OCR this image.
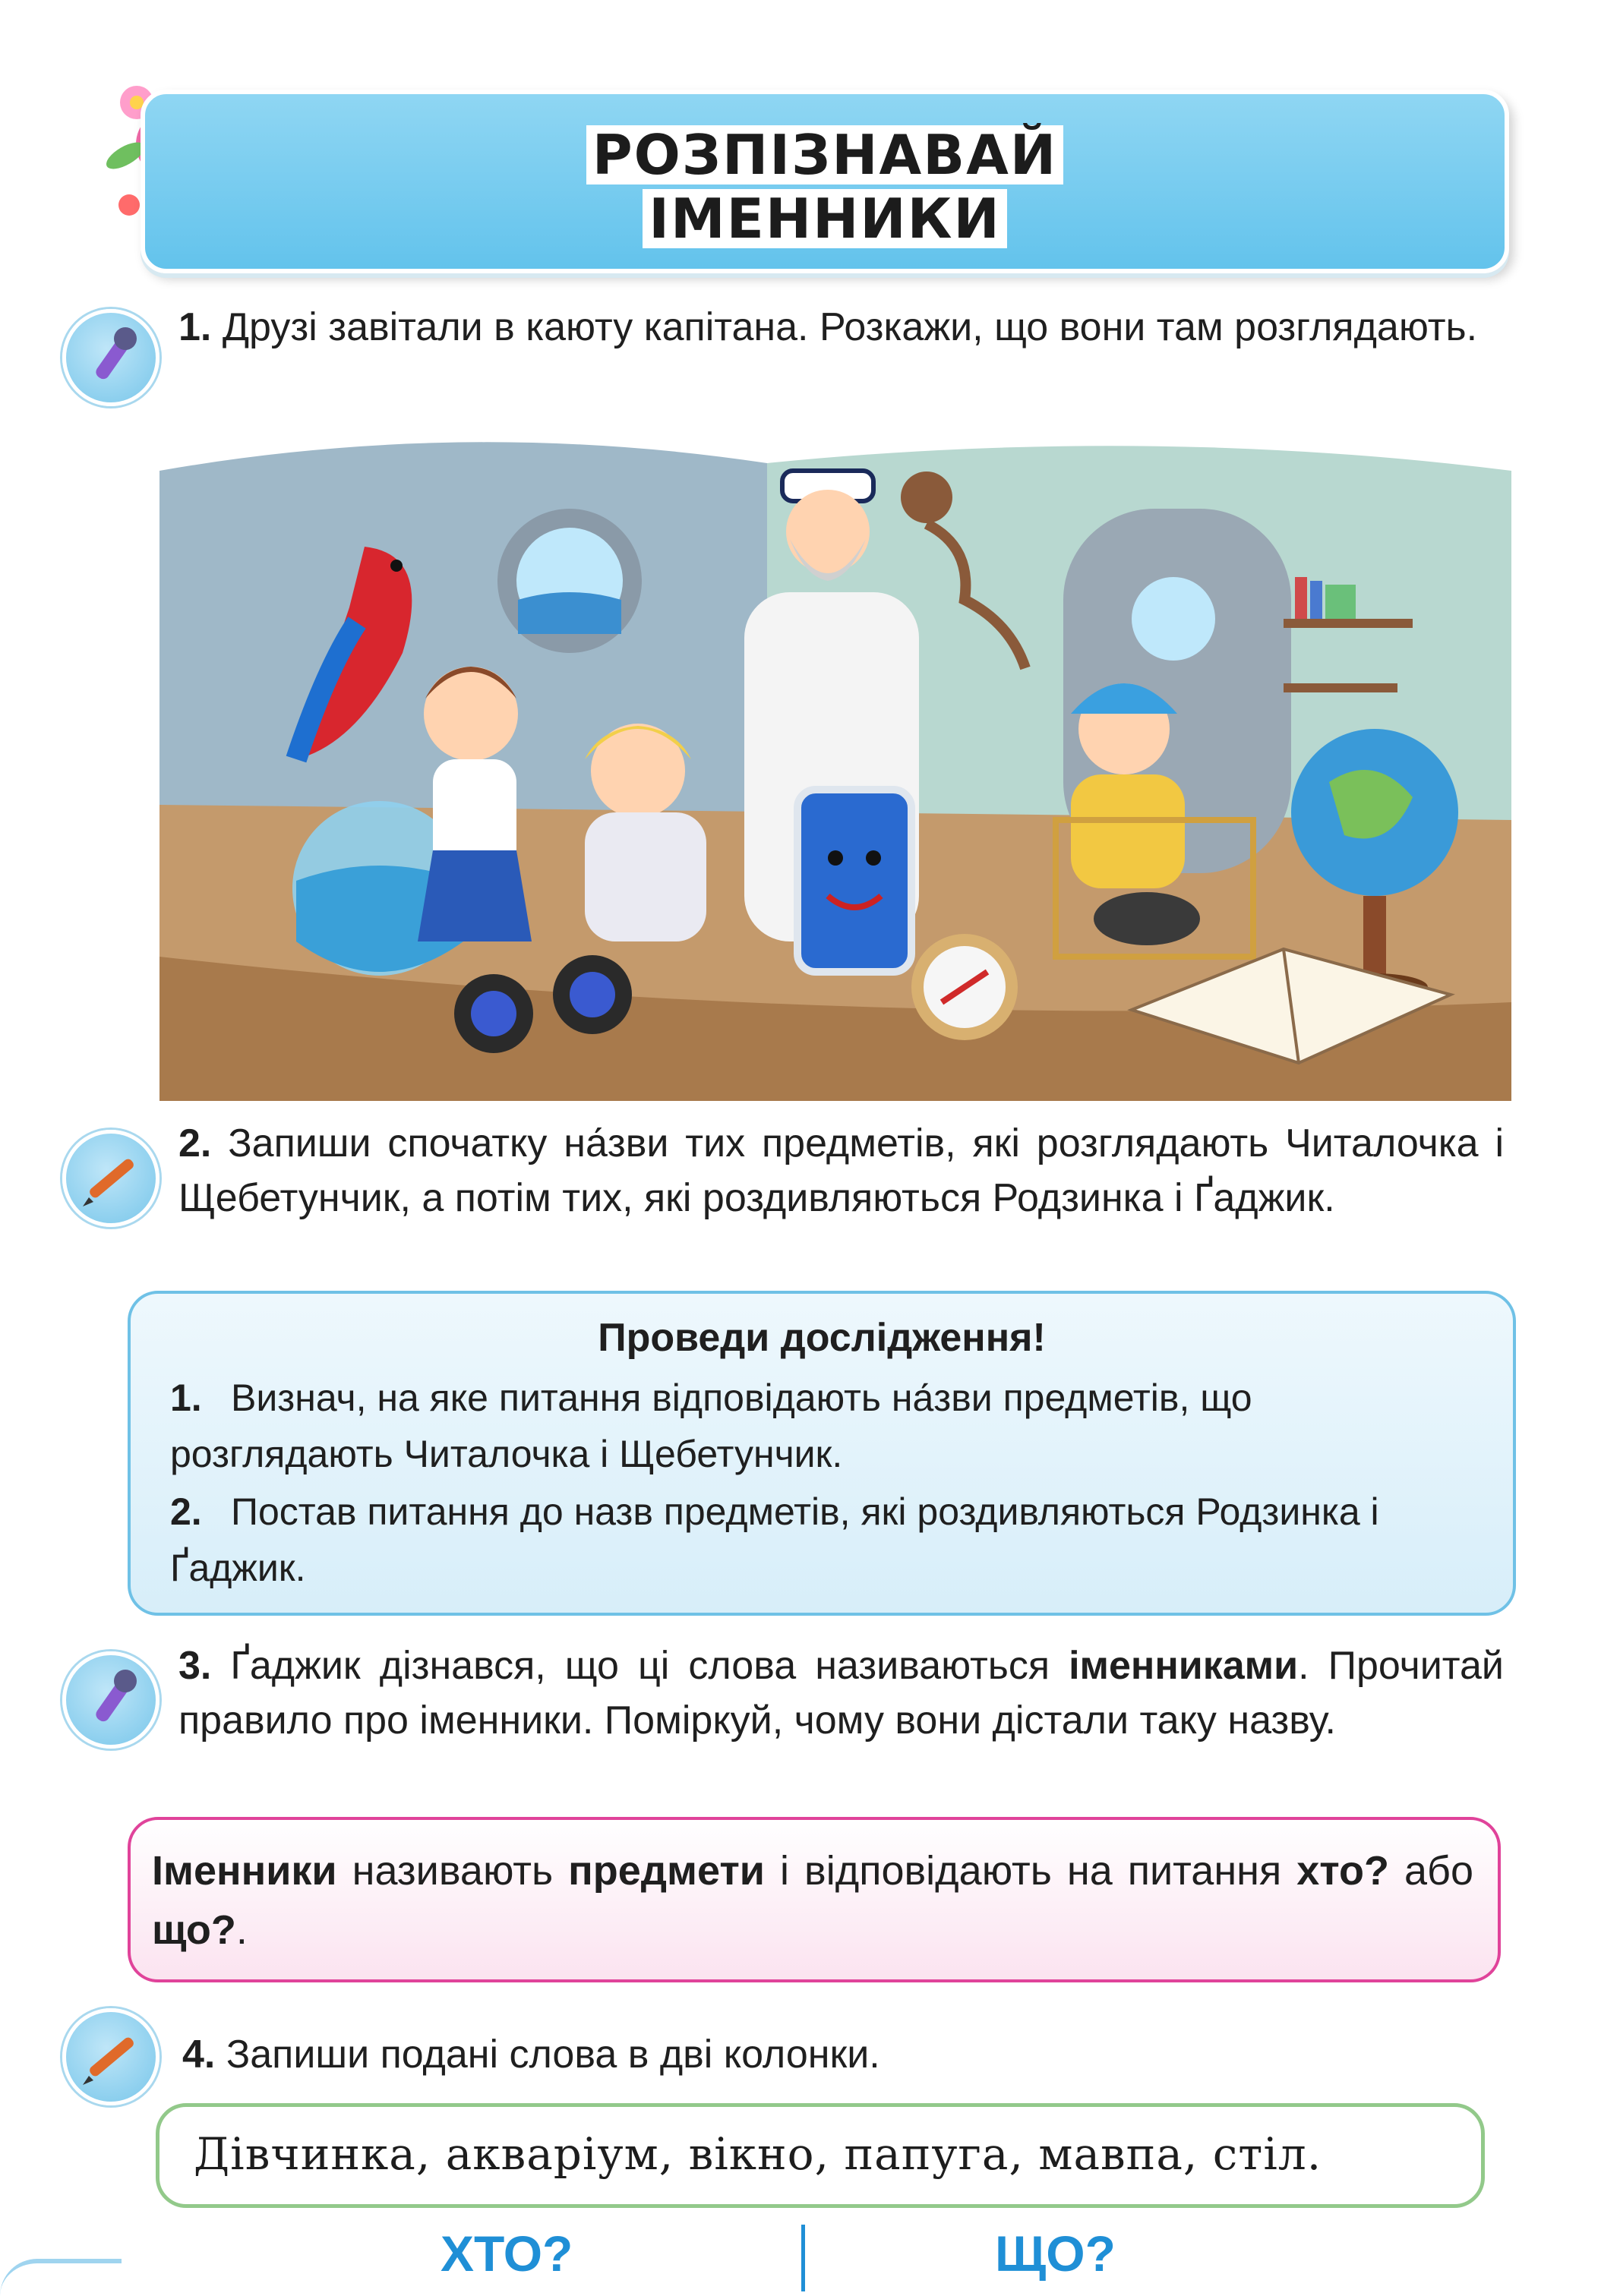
РОЗПІЗНАВАЙ
ІМЕННИКИ
1. Друзі завітали в каюту капітана. Розкажи, що вони там розглядають.
2. Запиши спочатку на́зви тих предметів, які розглядають Читалочка і Щебетунчик, а потім тих, які роздивляються Родзинка і Ґаджик.
Проведи дослідження!
1. Визнач, на яке питання відповідають на́зви предметів, що розглядають Читалочка і Щебетунчик.
2. Постав питання до назв предметів, які роздивляються Родзинка і Ґаджик.
3. Ґаджик дізнався, що ці слова називаються іменниками. Прочитай правило про іменники. Поміркуй, чому вони дістали таку назву.
Іменники називають предмети і відповідають на питання хто? або що?.
4. Запиши подані слова в дві колонки.
Дівчинка, акваріум, вікно, папуга, мавпа, стіл.
ХТО?	ЩО?
